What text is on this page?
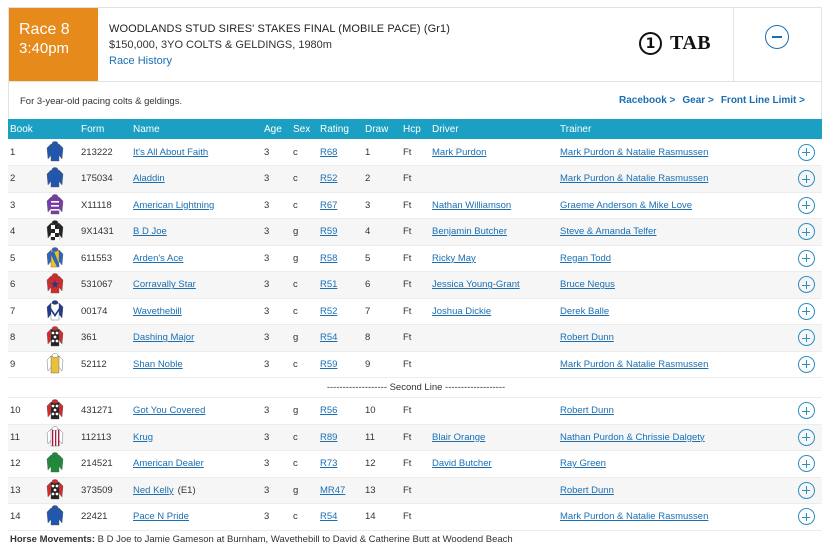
Race 8
3:40pm
WOODLANDS STUD SIRES' STAKES FINAL (MOBILE PACE) (Gr1)
$150,000, 3YO COLTS & GELDINGS, 1980m
Race History
1 TAB
For 3-year-old pacing colts & geldings.	Racebook > Gear > Front Line Limit >
Book		Form	Name	Age	Sex	Rating	Draw	Hcp	Driver	Trainer	
1		213222	It's All About Faith	3	c	R68	1	Ft	Mark Purdon	Mark Purdon & Natalie Rasmussen	
2		175034	Aladdin	3	c	R52	2	Ft		Mark Purdon & Natalie Rasmussen	
3		X11118	American Lightning	3	c	R67	3	Ft	Nathan Williamson	Graeme Anderson & Mike Love	
4		9X1431	B D Joe	3	g	R59	4	Ft	Benjamin Butcher	Steve & Amanda Telfer	
5		611553	Arden's Ace	3	g	R58	5	Ft	Ricky May	Regan Todd	
6		531067	Corravally Star	3	c	R51	6	Ft	Jessica Young-Grant	Bruce Negus	
7		00174	Wavethebill	3	c	R52	7	Ft	Joshua Dickie	Derek Balle	
8		361	Dashing Major	3	g	R54	8	Ft		Robert Dunn	
9		52112	Shan Noble	3	c	R59	9	Ft		Mark Purdon & Natalie Rasmussen	
------------------- Second Line -------------------											
10		431271	Got You Covered	3	g	R56	10	Ft		Robert Dunn	
11		112113	Krug	3	c	R89	11	Ft	Blair Orange	Nathan Purdon & Chrissie Dalgety	
12		214521	American Dealer	3	c	R73	12	Ft	David Butcher	Ray Green	
13		373509	Ned Kelly (E1)	3	g	MR47	13	Ft		Robert Dunn	
14		22421	Pace N Pride	3	c	R54	14	Ft		Mark Purdon & Natalie Rasmussen	
Horse Movements: B D Joe to Jamie Gameson at Burnham, Wavethebill to David & Catherine Butt at Woodend Beach
